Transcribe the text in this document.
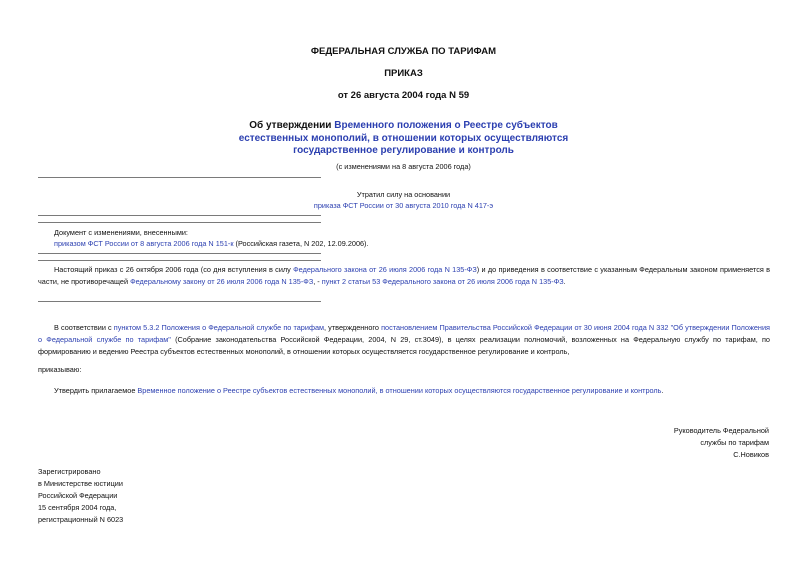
ФЕДЕРАЛЬНАЯ СЛУЖБА ПО ТАРИФАМ
ПРИКАЗ
от 26 августа 2004 года N 59
Об утверждении Временного положения о Реестре субъектов
естественных монополий, в отношении которых осуществляются
государственное регулирование и контроль
(с изменениями на 8 августа 2006 года)
Утратил силу на основании
приказа ФСТ России от 30 августа 2010 года N 417-э
Документ с изменениями, внесенными:
приказом ФСТ России от 8 августа 2006 года N 151-к (Российская газета, N 202, 12.09.2006).
Настоящий приказ с 26 октября 2006 года (со дня вступления в силу Федерального закона от 26 июля 2006 года N 135-ФЗ) и до приведения в соответствие с указанным Федеральным законом применяется в части, не противоречащей Федеральному закону от 26 июля 2006 года N 135-ФЗ, - пункт 2 статьи 53 Федерального закона от 26 июля 2006 года N 135-ФЗ.
В соответствии с пунктом 5.3.2 Положения о Федеральной службе по тарифам, утвержденного постановлением Правительства Российской Федерации от 30 июня 2004 года N 332 "Об утверждении Положения о Федеральной службе по тарифам" (Собрание законодательства Российской Федерации, 2004, N 29, ст.3049), в целях реализации полномочий, возложенных на Федеральную службу по тарифам, по формированию и ведению Реестра субъектов естественных монополий, в отношении которых осуществляется государственное регулирование и контроль,
приказываю:
Утвердить прилагаемое Временное положение о Реестре субъектов естественных монополий, в отношении которых осуществляются государственное регулирование и контроль.
Руководитель Федеральной
службы по тарифам
С.Новиков
Зарегистрировано
в Министерстве юстиции
Российской Федерации
15 сентября 2004 года,
регистрационный N 6023
